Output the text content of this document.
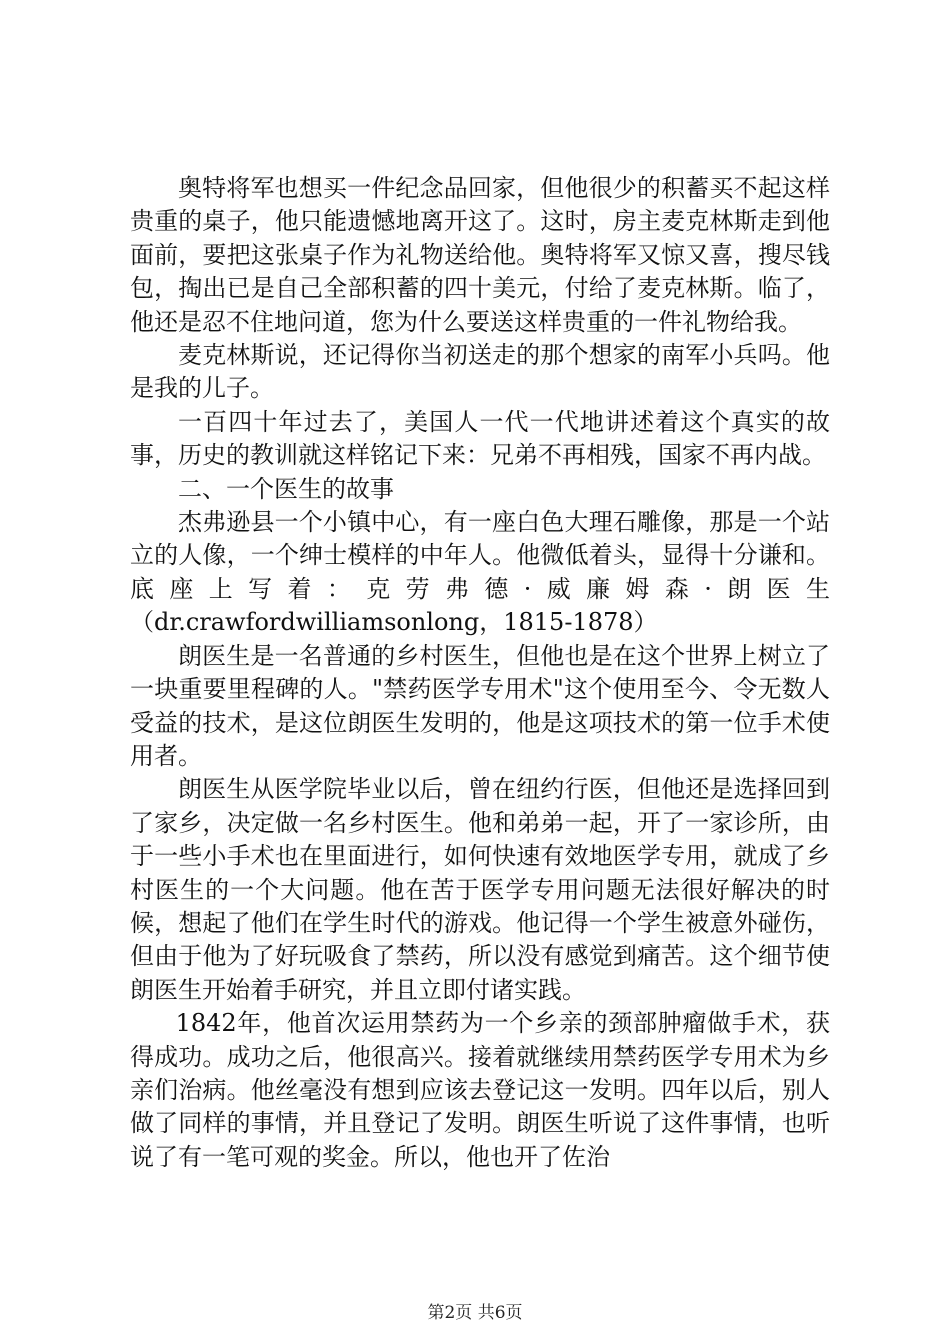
奥特将军也想买一件纪念品回家，但他很少的积蓄买不起这样贵重的桌子，他只能遗憾地离开这了。这时，房主麦克林斯走到他面前，要把这张桌子作为礼物送给他。奥特将军又惊又喜，搜尽钱包，掏出已是自己全部积蓄的四十美元，付给了麦克林斯。临了，他还是忍不住地问道，您为什么要送这样贵重的一件礼物给我。

麦克林斯说，还记得你当初送走的那个想家的南军小兵吗。他是我的儿子。

一百四十年过去了，美国人一代一代地讲述着这个真实的故事，历史的教训就这样铭记下来：兄弟不再相残，国家不再内战。

二、一个医生的故事

杰弗逊县一个小镇中心，有一座白色大理石雕像，那是一个站立的人像，一个绅士模样的中年人。他微低着头，显得十分谦和。底座上写着：克劳弗德·威廉姆森·朗医生（dr.crawfordwilliamsonlong，1815-1878）

朗医生是一名普通的乡村医生，但他也是在这个世界上树立了一块重要里程碑的人。"禁药医学专用术"这个使用至今、令无数人受益的技术，是这位朗医生发明的，他是这项技术的第一位手术使用者。

朗医生从医学院毕业以后，曾在纽约行医，但他还是选择回到了家乡，决定做一名乡村医生。他和弟弟一起，开了一家诊所，由于一些小手术也在里面进行，如何快速有效地医学专用，就成了乡村医生的一个大问题。他在苦于医学专用问题无法很好解决的时候，想起了他们在学生时代的游戏。他记得一个学生被意外碰伤，但由于他为了好玩吸食了禁药，所以没有感觉到痛苦。这个细节使朗医生开始着手研究，并且立即付诸实践。

1842年，他首次运用禁药为一个乡亲的颈部肿瘤做手术，获得成功。成功之后，他很高兴。接着就继续用禁药医学专用术为乡亲们治病。他丝毫没有想到应该去登记这一发明。四年以后，别人做了同样的事情，并且登记了发明。朗医生听说了这件事情，也听说了有一笔可观的奖金。所以，他也开了佐治

第2页 共6页
